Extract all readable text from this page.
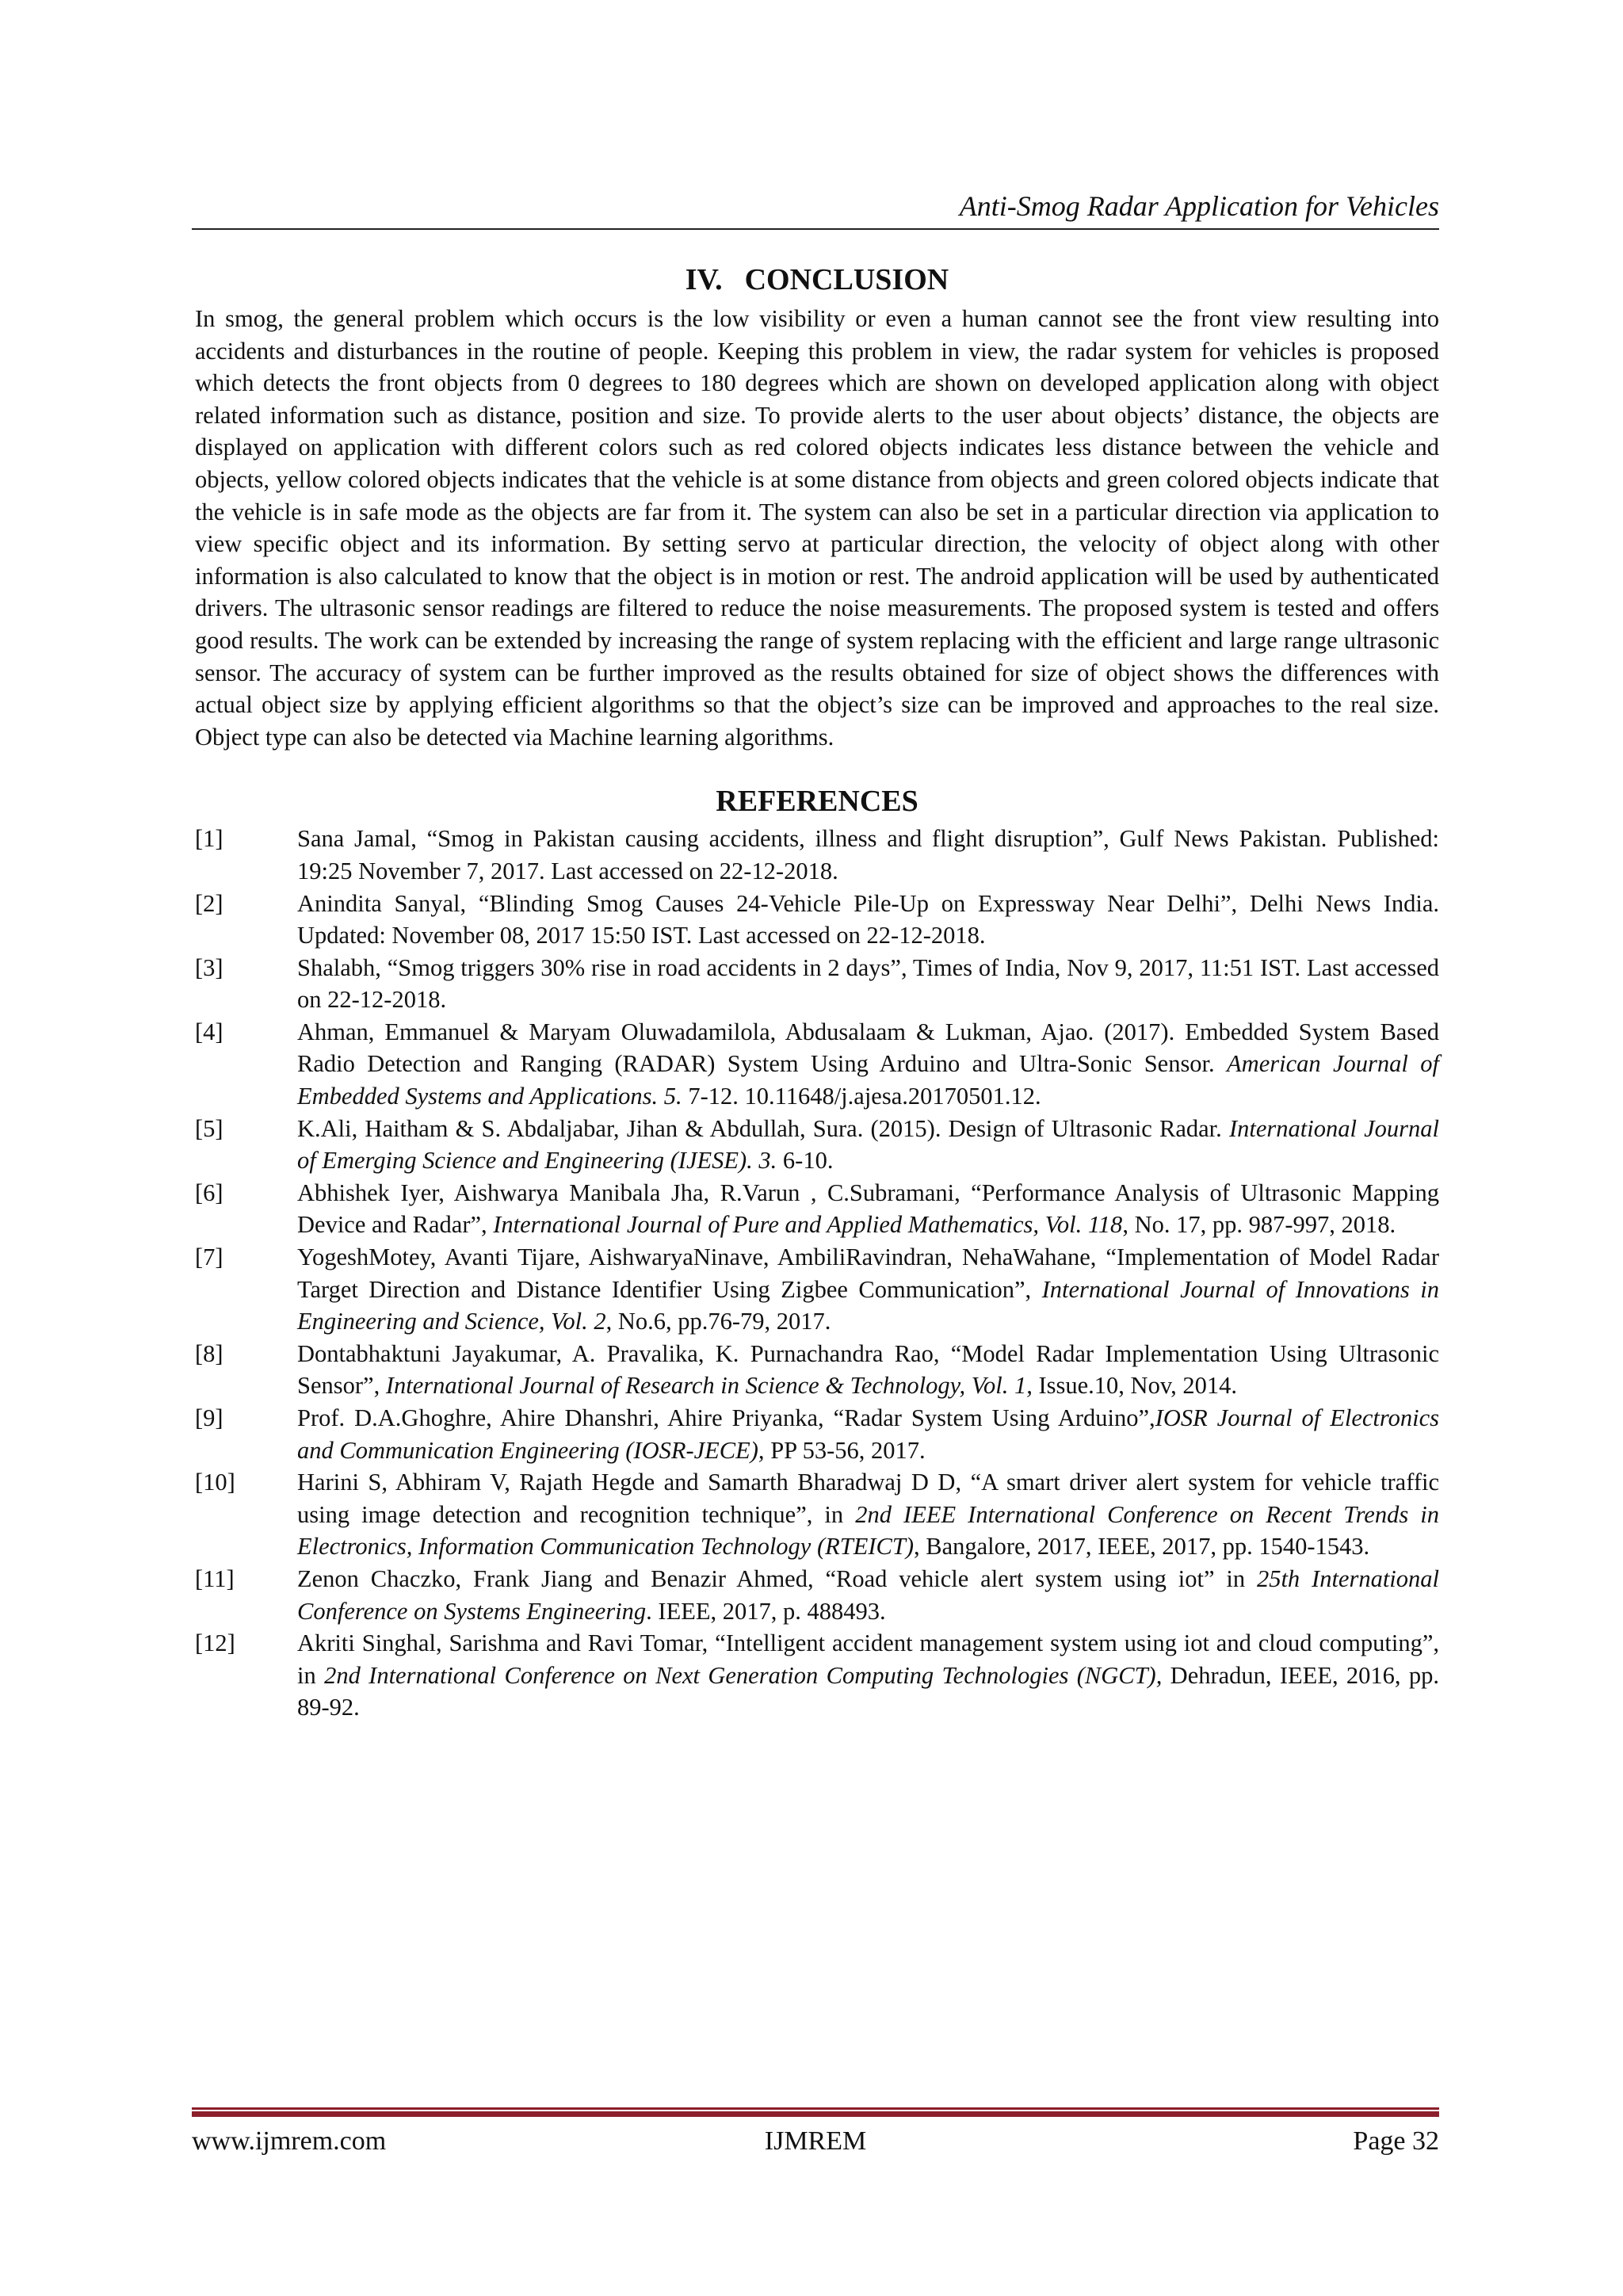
Anti-Smog Radar Application for Vehicles
IV. CONCLUSION

In smog, the general problem which occurs is the low visibility or even a human cannot see the front view resulting into accidents and disturbances in the routine of people. Keeping this problem in view, the radar system for vehicles is proposed which detects the front objects from 0 degrees to 180 degrees which are shown on developed application along with object related information such as distance, position and size. To provide alerts to the user about objects’ distance, the objects are displayed on application with different colors such as red colored objects indicates less distance between the vehicle and objects, yellow colored objects indicates that the vehicle is at some distance from objects and green colored objects indicate that the vehicle is in safe mode as the objects are far from it. The system can also be set in a particular direction via application to view specific object and its information. By setting servo at particular direction, the velocity of object along with other information is also calculated to know that the object is in motion or rest. The android application will be used by authenticated drivers. The ultrasonic sensor readings are filtered to reduce the noise measurements. The proposed system is tested and offers good results. The work can be extended by increasing the range of system replacing with the efficient and large range ultrasonic sensor. The accuracy of system can be further improved as the results obtained for size of object shows the differences with actual object size by applying efficient algorithms so that the object’s size can be improved and approaches to the real size. Object type can also be detected via Machine learning algorithms.

REFERENCES
[1]	Sana Jamal, “Smog in Pakistan causing accidents, illness and flight disruption”, Gulf News Pakistan. Published: 19:25 November 7, 2017. Last accessed on 22-12-2018.
[2]	Anindita Sanyal, “Blinding Smog Causes 24-Vehicle Pile-Up on Expressway Near Delhi”, Delhi News India. Updated: November 08, 2017 15:50 IST. Last accessed on 22-12-2018.
[3]	Shalabh, “Smog triggers 30% rise in road accidents in 2 days”, Times of India, Nov 9, 2017, 11:51 IST. Last accessed on 22-12-2018.
[4]	Ahman, Emmanuel & Maryam Oluwadamilola, Abdusalaam & Lukman, Ajao. (2017). Embedded System Based Radio Detection and Ranging (RADAR) System Using Arduino and Ultra-Sonic Sensor. American Journal of Embedded Systems and Applications. 5. 7-12. 10.11648/j.ajesa.20170501.12.
[5]	K.Ali, Haitham & S. Abdaljabar, Jihan & Abdullah, Sura. (2015). Design of Ultrasonic Radar. International Journal of Emerging Science and Engineering (IJESE). 3. 6-10.
[6]	Abhishek Iyer, Aishwarya Manibala Jha, R.Varun , C.Subramani, “Performance Analysis of Ultrasonic Mapping Device and Radar”, International Journal of Pure and Applied Mathematics, Vol. 118, No. 17, pp. 987-997, 2018.
[7]	YogeshMotey, Avanti Tijare, AishwaryaNinave, AmbiliRavindran, NehaWahane, “Implementation of Model Radar Target Direction and Distance Identifier Using Zigbee Communication”, International Journal of Innovations in Engineering and Science, Vol. 2, No.6, pp.76-79, 2017.
[8]	Dontabhaktuni Jayakumar, A. Pravalika, K. Purnachandra Rao, “Model Radar Implementation Using Ultrasonic Sensor”, International Journal of Research in Science & Technology, Vol. 1, Issue.10, Nov, 2014.
[9]	Prof. D.A.Ghoghre, Ahire Dhanshri, Ahire Priyanka, “Radar System Using Arduino”,IOSR Journal of Electronics and Communication Engineering (IOSR-JECE), PP 53-56, 2017.
[10]	Harini S, Abhiram V, Rajath Hegde and Samarth Bharadwaj D D, “A smart driver alert system for vehicle traffic using image detection and recognition technique”, in 2nd IEEE International Conference on Recent Trends in Electronics, Information Communication Technology (RTEICT), Bangalore, 2017, IEEE, 2017, pp. 1540-1543.
[11]	Zenon Chaczko, Frank Jiang and Benazir Ahmed, “Road vehicle alert system using iot” in 25th International Conference on Systems Engineering. IEEE, 2017, p. 488493.
[12]	Akriti Singhal, Sarishma and Ravi Tomar, “Intelligent accident management system using iot and cloud computing”, in 2nd International Conference on Next Generation Computing Technologies (NGCT), Dehradun, IEEE, 2016, pp. 89-92.
www.ijmrem.com	IJMREM	Page 32
